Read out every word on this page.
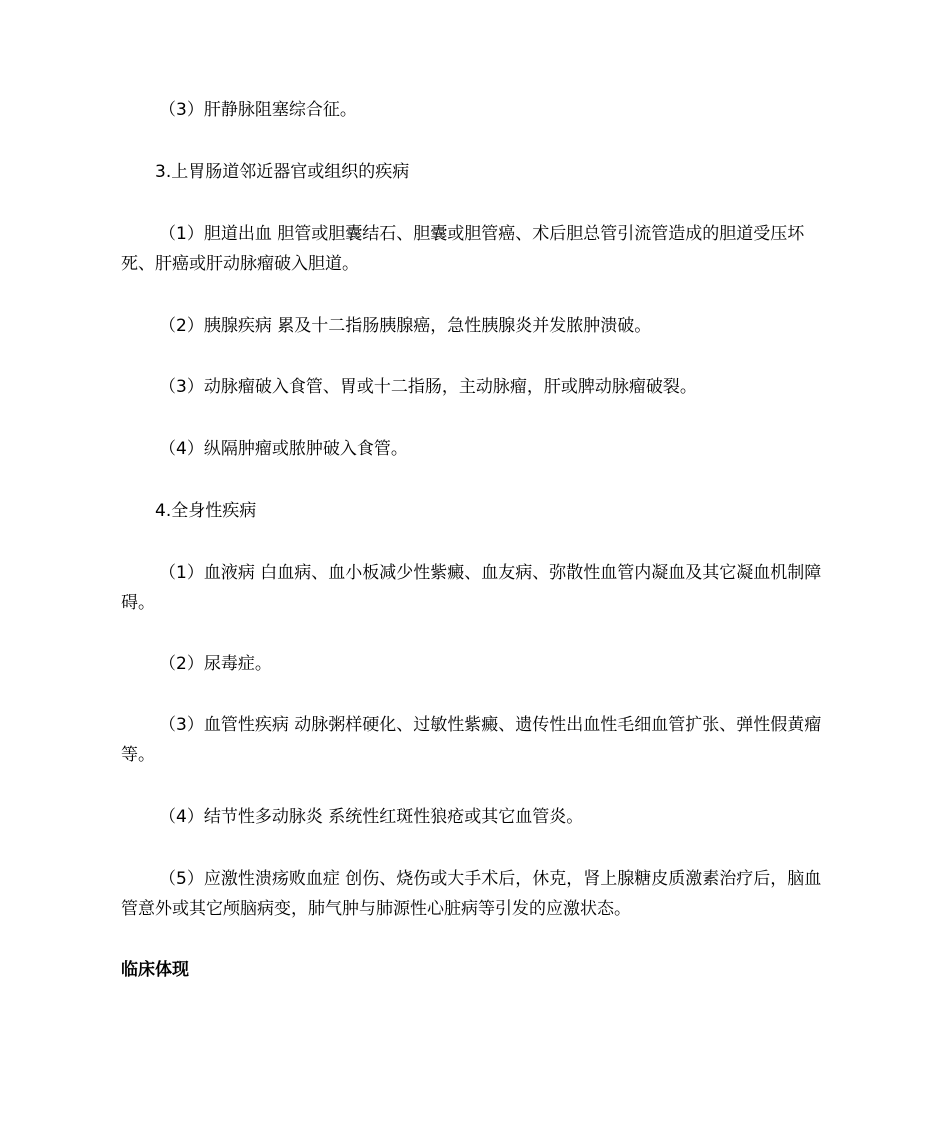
（3）肝静脉阻塞综合征。

3.上胃肠道邻近器官或组织的疾病

（1）胆道出血 胆管或胆囊结石、胆囊或胆管癌、术后胆总管引流管造成的胆道受压坏死、肝癌或肝动脉瘤破入胆道。

（2）胰腺疾病 累及十二指肠胰腺癌，急性胰腺炎并发脓肿溃破。

（3）动脉瘤破入食管、胃或十二指肠，主动脉瘤，肝或脾动脉瘤破裂。

（4）纵隔肿瘤或脓肿破入食管。

4.全身性疾病

（1）血液病 白血病、血小板减少性紫癜、血友病、弥散性血管内凝血及其它凝血机制障碍。

（2）尿毒症。

（3）血管性疾病 动脉粥样硬化、过敏性紫癜、遗传性出血性毛细血管扩张、弹性假黄瘤等。

（4）结节性多动脉炎 系统性红斑性狼疮或其它血管炎。

（5）应激性溃疡败血症 创伤、烧伤或大手术后，休克，肾上腺糖皮质激素治疗后，脑血管意外或其它颅脑病变，肺气肿与肺源性心脏病等引发的应激状态。

临床体现
